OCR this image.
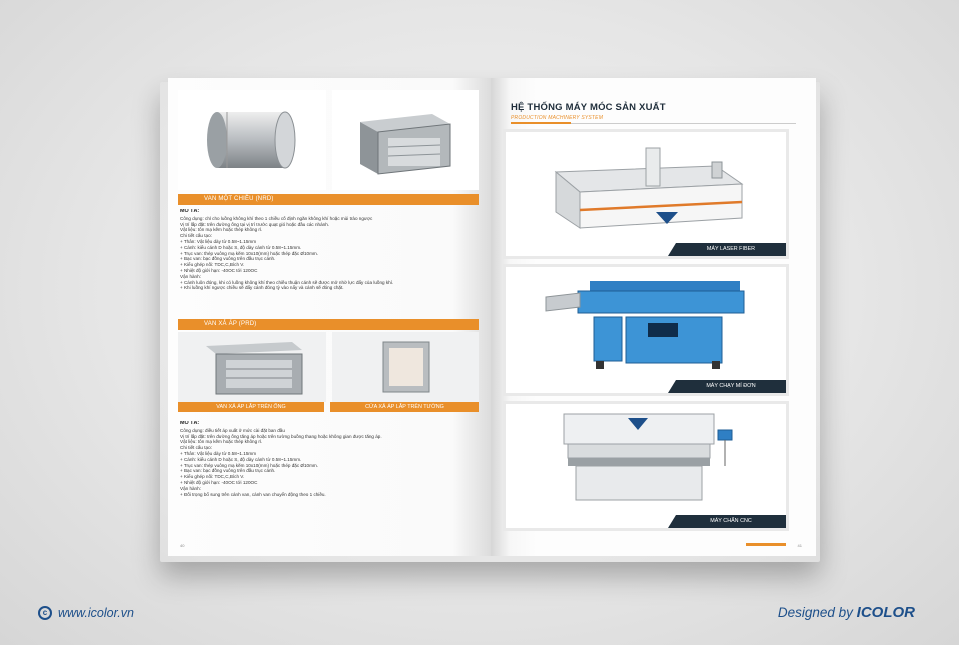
VAN MỘT CHIỀU (NRD)
MÔ TẢ:
Công dụng: chỉ cho luồng không khí theo 1 chiều cố định ngăn không khí hoặc mùi trào ngược
Vị trí lắp đặt: trên đường ống tại vị trí trước quạt gió hoặc đầu các nhánh.
Vật liệu: tôn mạ kẽm hoặc thép không rỉ.
Chi tiết cấu tạo:
+ Thân: Vật liệu dày từ 0.58~1.15mm
+ Cánh: kiểu cánh D hoặc S, độ dày cánh từ 0.58~1.15mm.
+ Trục van: thép vuông mạ kẽm 10x10(mm) hoặc thép đặc Ø10mm.
+ Bạc van: bạc đồng vuông trên đầu trục cánh.
+ Kiểu ghép nối: TDC,C,Bích V.
+ Nhiệt độ giới hạn: -40OC tới 120OC
Vận hành:
+ Cánh luôn đóng, khi có luồng không khí theo chiều thuận cánh sẽ được mở nhờ lực đẩy của luồng khí.
+ Khi luồng khí ngược chiều sẽ đẩy cánh đóng tỳ vào nẩy và cánh sẽ đóng chặt.
VAN XẢ ÁP (PRD)
VAN XẢ ÁP LẮP TRÊN ỐNG	CỬA XẢ ÁP LẮP TRÊN TƯỜNG
MÔ TẢ:
Công dụng: điều tiết áp xuất ở mức cài đặt ban đầu
Vị trí lắp đặt: trên đường ống tăng áp hoặc trên tường buồng thang hoặc không gian được tăng áp.
Vật liệu: tôn mạ kẽm hoặc thép không rỉ.
Chi tiết cấu tạo:
+ Thân: Vật liệu dày từ 0.58~1.15mm
+ Cánh: kiểu cánh D hoặc S, độ dày cánh từ 0.58~1.15mm.
+ Trục van: thép vuông mạ kẽm 10x10(mm) hoặc thép đặc Ø10mm.
+ Bạc van: bạc đồng vuông trên đầu trục cánh.
+ Kiểu ghép nối: TDC,C,Bích V.
+ Nhiệt độ giới hạn: -40OC tới 120OC
Vận hành:
+ Đối trọng bổ sung trên cánh van, cánh van chuyển động theo 1 chiều.
40
HỆ THỐNG MÁY MÓC SẢN XUẤT
PRODUCTION MACHINERY SYSTEM
MÁY LASER FIBER
MÁY CHẠY MÍ ĐƠN
MÁY CHẤN CNC
41
c www.icolor.vn	Designed by ICOLOR
